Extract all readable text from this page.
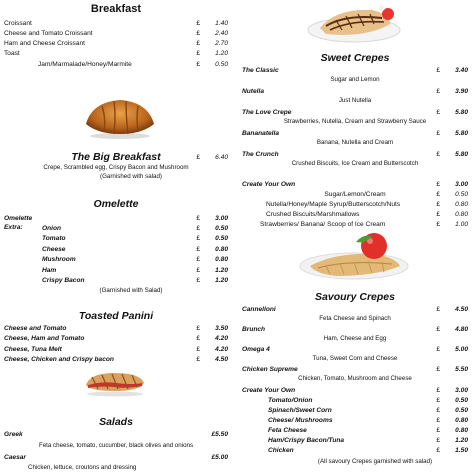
Breakfast
Croissant	£ 1.40
Cheese and Tomato Croissant	£ 2.40
Ham and Cheese Croissant	£ 2.70
Toast	£ 1.20
Jam/Marmalade/Honey/Marmite	£ 0.50
The Big Breakfast	£ 6.40
Crepe, Scrambled egg, Crispy Bacon and Mushroom
(Garnished with salad)
Omelette
Omelette	£ 3.00
Extra:	Onion	£ 0.50
Tomato	£ 0.50
Cheese	£ 0.80
Mushroom	£ 0.80
Ham	£ 1.20
Crispy Bacon	£ 1.20
(Garnished with Salad)
Toasted Panini
Cheese and Tomato	£ 3.50
Cheese, Ham and Tomato	£ 4.20
Cheese, Tuna Melt	£ 4.20
Cheese, Chicken and Crispy bacon	£ 4.50
Salads
Greek	£5.50
Feta cheese, tomato, cucumber, black olives and onions
Caesar	£5.00
Chicken, lettuce, croutons and dressing
Sweet Crepes
The Classic	£ 3.40
Sugar and Lemon
Nutella	£ 3.90
Just Nutella
The Love Crepe	£ 5.80
Strawberries, Nutella, Cream and Strawberry Sauce
Bananatella	£ 5.80
Banana, Nutella and Cream
The Crunch	£ 5.80
Crushed Biscuits, Ice Cream and Butterscotch
Create Your Own	£ 3.00
Sugar/Lemon/Cream	£ 0.50
Nutella/Honey/Maple Syrup/Butterscotch/Nuts	£ 0.80
Crushed Biscuits/Marshmallows	£ 0.80
Strawberries/ Banana/ Scoop of Ice Cream	£ 1.00
Savoury Crepes
Cannelloni	£ 4.50
Feta Cheese and Spinach
Brunch	£ 4.80
Ham, Cheese and Egg
Omega 4	£ 5.00
Tuna, Sweet Corn and Cheese
Chicken Supreme	£ 5.50
Chicken, Tomato, Mushroom and Cheese
Create Your Own	£ 3.00
Tomato/Onion	£ 0.50
Spinach/Sweet Corn	£ 0.50
Cheese/ Mushrooms	£ 0.80
Feta Cheese	£ 0.80
Ham/Crispy Bacon/Tuna	£ 1.20
Chicken	£ 1.50
(All savoury Crepes garnished with salad)
